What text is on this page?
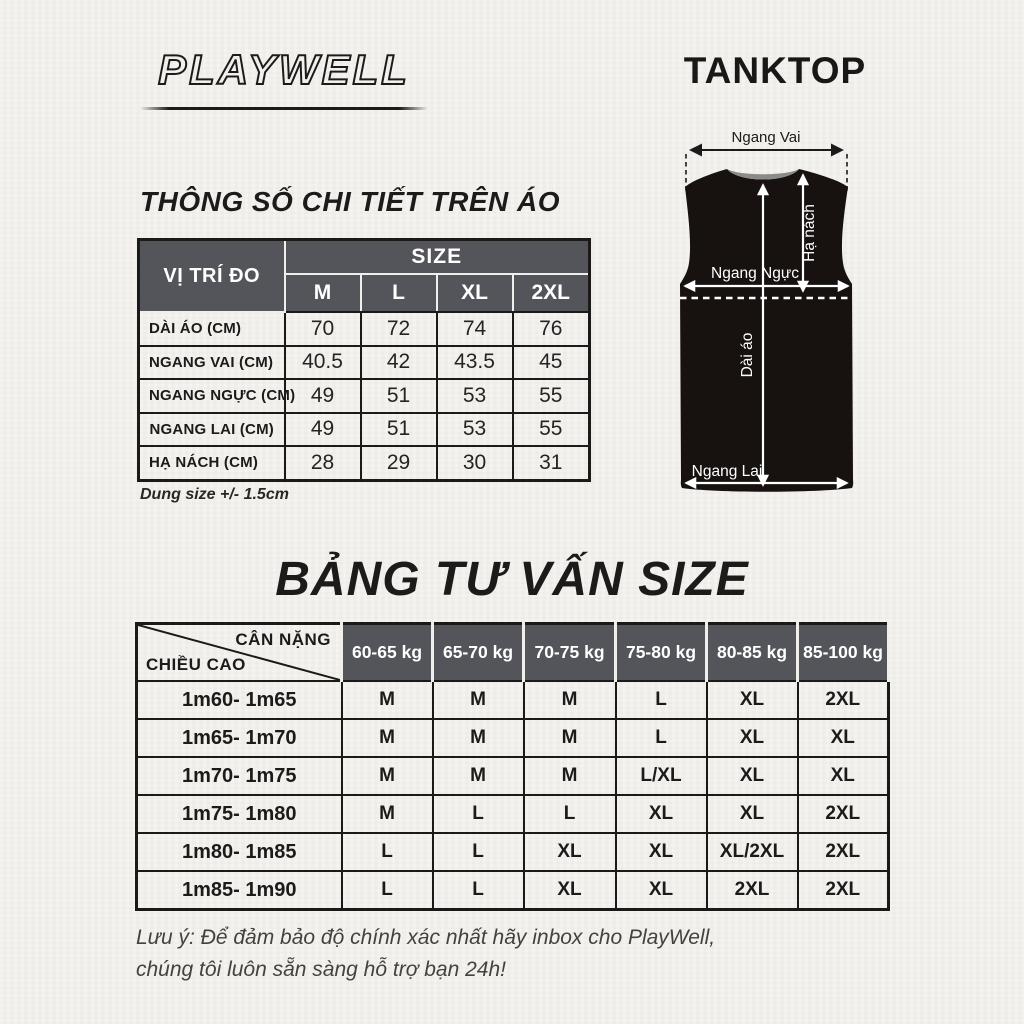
PLAYWELL	TANKTOP
THÔNG SỐ CHI TIẾT TRÊN ÁO
VỊ TRÍ ĐO	SIZE			
	M	L	XL	2XL
DÀI ÁO (CM)	70	72	74	76
NGANG VAI (CM)	40.5	42	43.5	45
NGANG NGỰC (CM)	49	51	53	55
NGANG LAI (CM)	49	51	53	55
HẠ NÁCH (CM)	28	29	30	31

Dung size +/- 1.5cm

Ngang Vai
Hạ nách
Ngang Ngực
Dài áo
Ngang Lai
BẢNG TƯ VẤN SIZE
CÂN NẶNG
CHIỀU CAO	60-65 kg	65-70 kg	70-75 kg	75-80 kg	80-85 kg	85-100 kg
1m60- 1m65	M	M	M	L	XL	2XL
1m65- 1m70	M	M	M	L	XL	XL
1m70- 1m75	M	M	M	L/XL	XL	XL
1m75- 1m80	M	L	L	XL	XL	2XL
1m80- 1m85	L	L	XL	XL	XL/2XL	2XL
1m85- 1m90	L	L	XL	XL	2XL	2XL

Lưu ý: Để đảm bảo độ chính xác nhất hãy inbox cho PlayWell,
chúng tôi luôn sẵn sàng hỗ trợ bạn 24h!
